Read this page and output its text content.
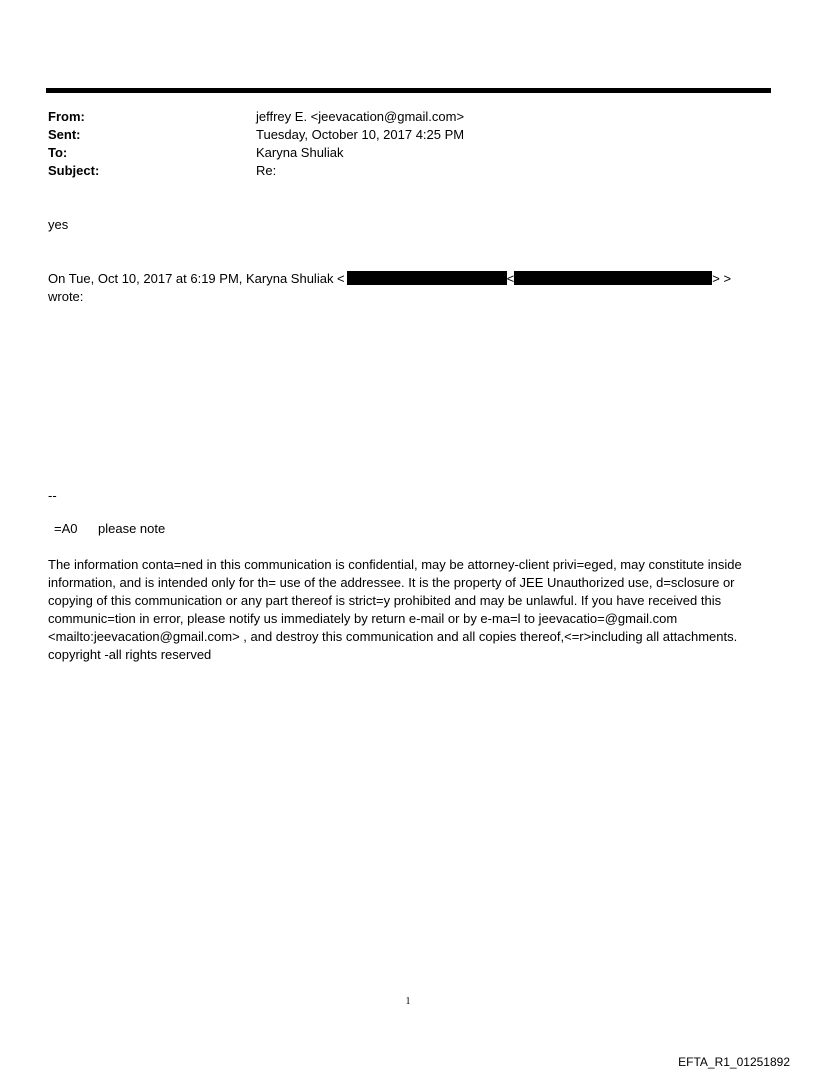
From:	jeffrey E. <jeevacation@gmail.com>
Sent:	Tuesday, October 10, 2017 4:25 PM
To:	Karyna Shuliak
Subject:	Re:
yes
On Tue, Oct 10, 2017 at 6:19 PM, Karyna Shuliak <	<	> >
wrote:
--
=A0 please note
The information conta=ned in this communication is confidential, may be attorney-client privi=eged, may constitute inside information, and is intended only for th= use of the addressee. It is the property of JEE Unauthorized use, d=sclosure or copying of this communication or any part thereof is strict=y prohibited and may be unlawful. If you have received this communic=tion in error, please notify us immediately by return e-mail or by e-ma=l to jeevacatio=@gmail.com <mailto:jeevacation@gmail.com> , and destroy this communication and all copies thereof,<=r>including all attachments. copyright -all rights reserved
1
EFTA_R1_01251892
